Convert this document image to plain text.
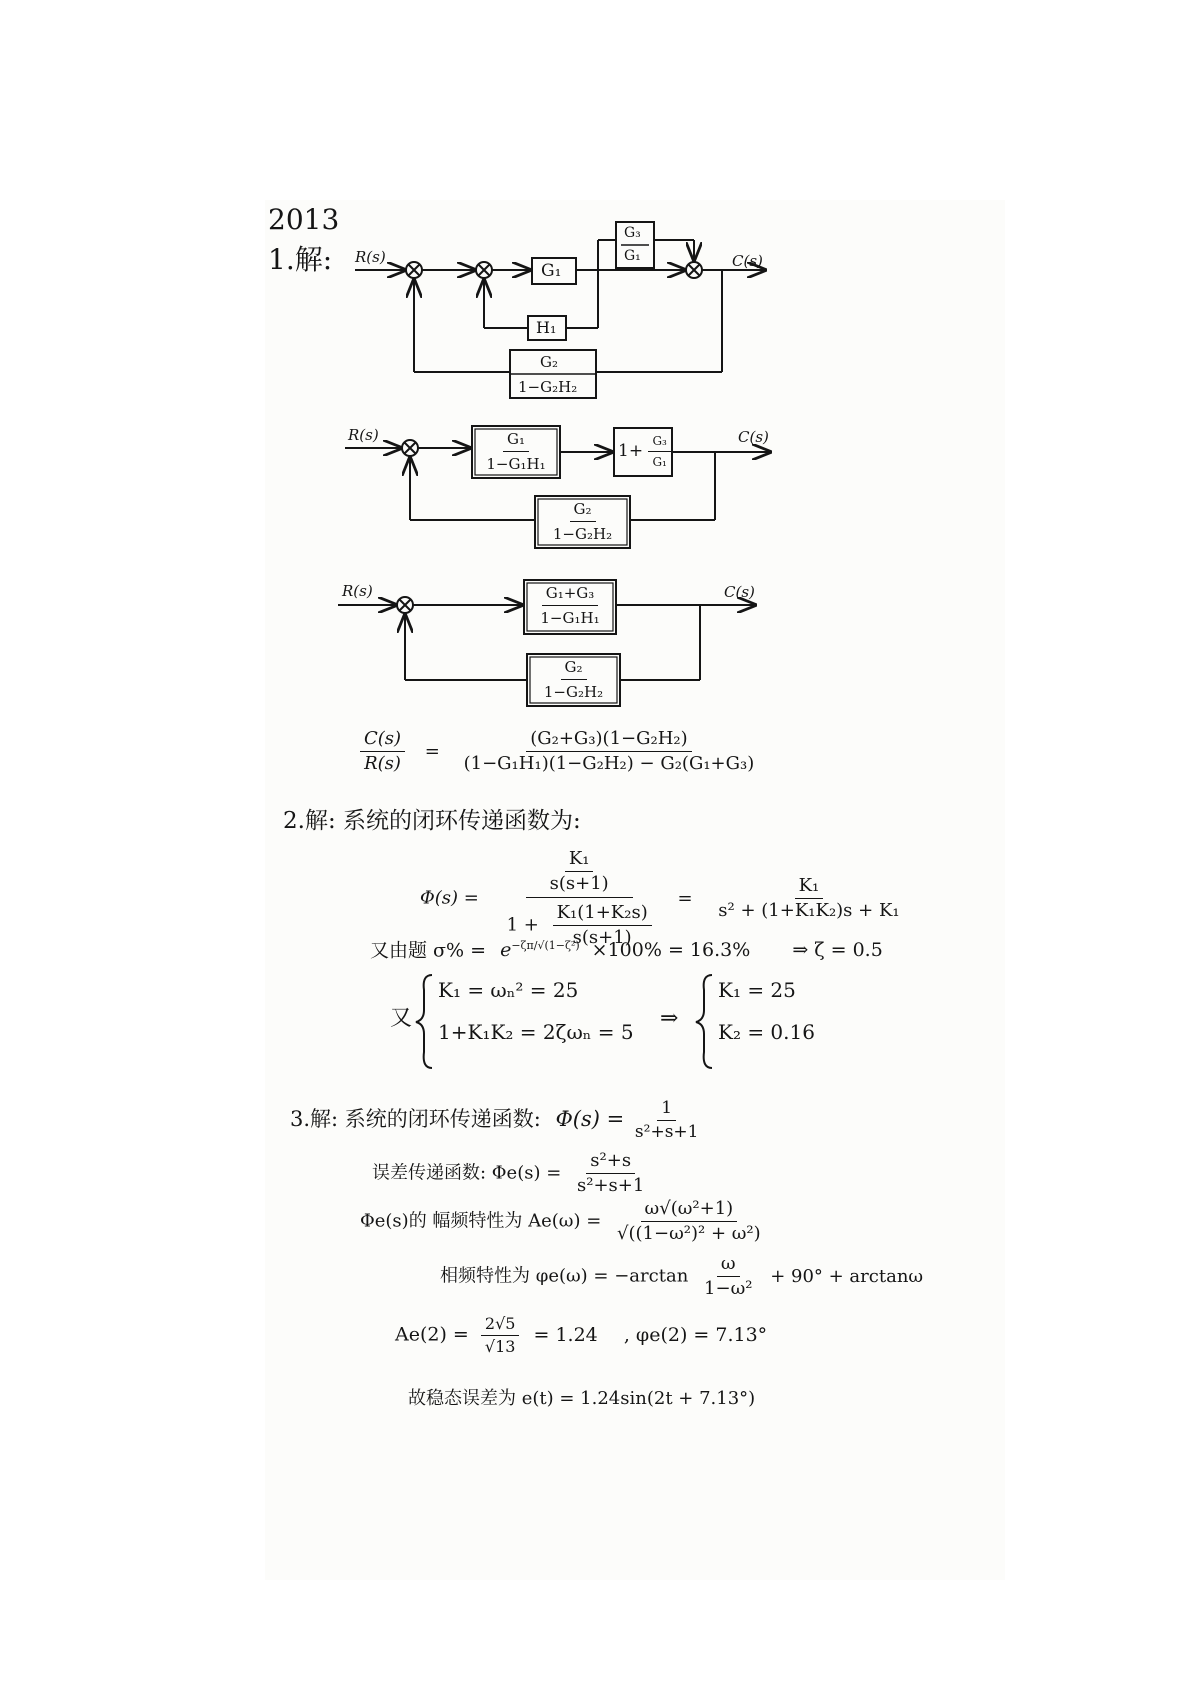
2013
1.解: R(s)	C(s)
G₁
H₁
G₃
G₁
G₂
1−G₂H₂
R(s)	C(s)
$\frac{\text{G₁}}{\text{1−G₁H₁}}$	$1+ \frac{\text{G₃}}{\text{G₁}}$
$\frac{\text{G₂}}{\text{1−G₂H₂}}$
R(s)	C(s)
$\frac{\text{G₁+G₃}}{\text{1−G₁H₁}}$
$\frac{\text{G₂}}{\text{1−G₂H₂}}$
$\frac{C(s)}{R(s)} = \frac{\text{(G₂+G₃)(1−G₂H₂)}}{\text{(1−G₁H₁)(1−G₂H₂) − G₂(G₁+G₃)}}$
2.解: 系统的闭环传递函数为:
$\Phi(s) = \frac{\frac{\text{K₁}}{s(s+1)}}{1 + \frac{\text{K₁(1+K₂s)}}{s(s+1)}} = \frac{\text{K₁}}{\text{s² + (1+K₁K₂)s + K₁}}$
又由题 $\sigma\% = e^{-\zeta\pi/√(1-\zeta^2)} \times 100\% = 16.3\%$ ⇒ ζ = 0.5
又
K₁ = ωₙ² = 25
1+K₁K₂ = 2ζωₙ = 5
⇒
K₁ = 25
K₂ = 0.16
3.解: 系统的闭环传递函数: $\Phi(s) = \frac{1}{\text{s²+s+1}}$
误差传递函数: $\Phi e(s) = \frac{\text{s²+s}}{\text{s²+s+1}}$
Φe(s)的 幅频特性为 $Ae(\omega) = \frac{\text{ω√(ω²+1)}}{\text{√((1−ω²)² + ω²)}}$
相频特性为 $\varphi e(\omega) = -\arctan \frac{\omega}{\text{1−ω²}} + 90^\circ + \arctan\omega$
$Ae(2) = \frac{2√5}{√13} = 1.24$ , φe(2) = 7.13°
故稳态误差为 e(t) = 1.24sin(2t + 7.13°)
